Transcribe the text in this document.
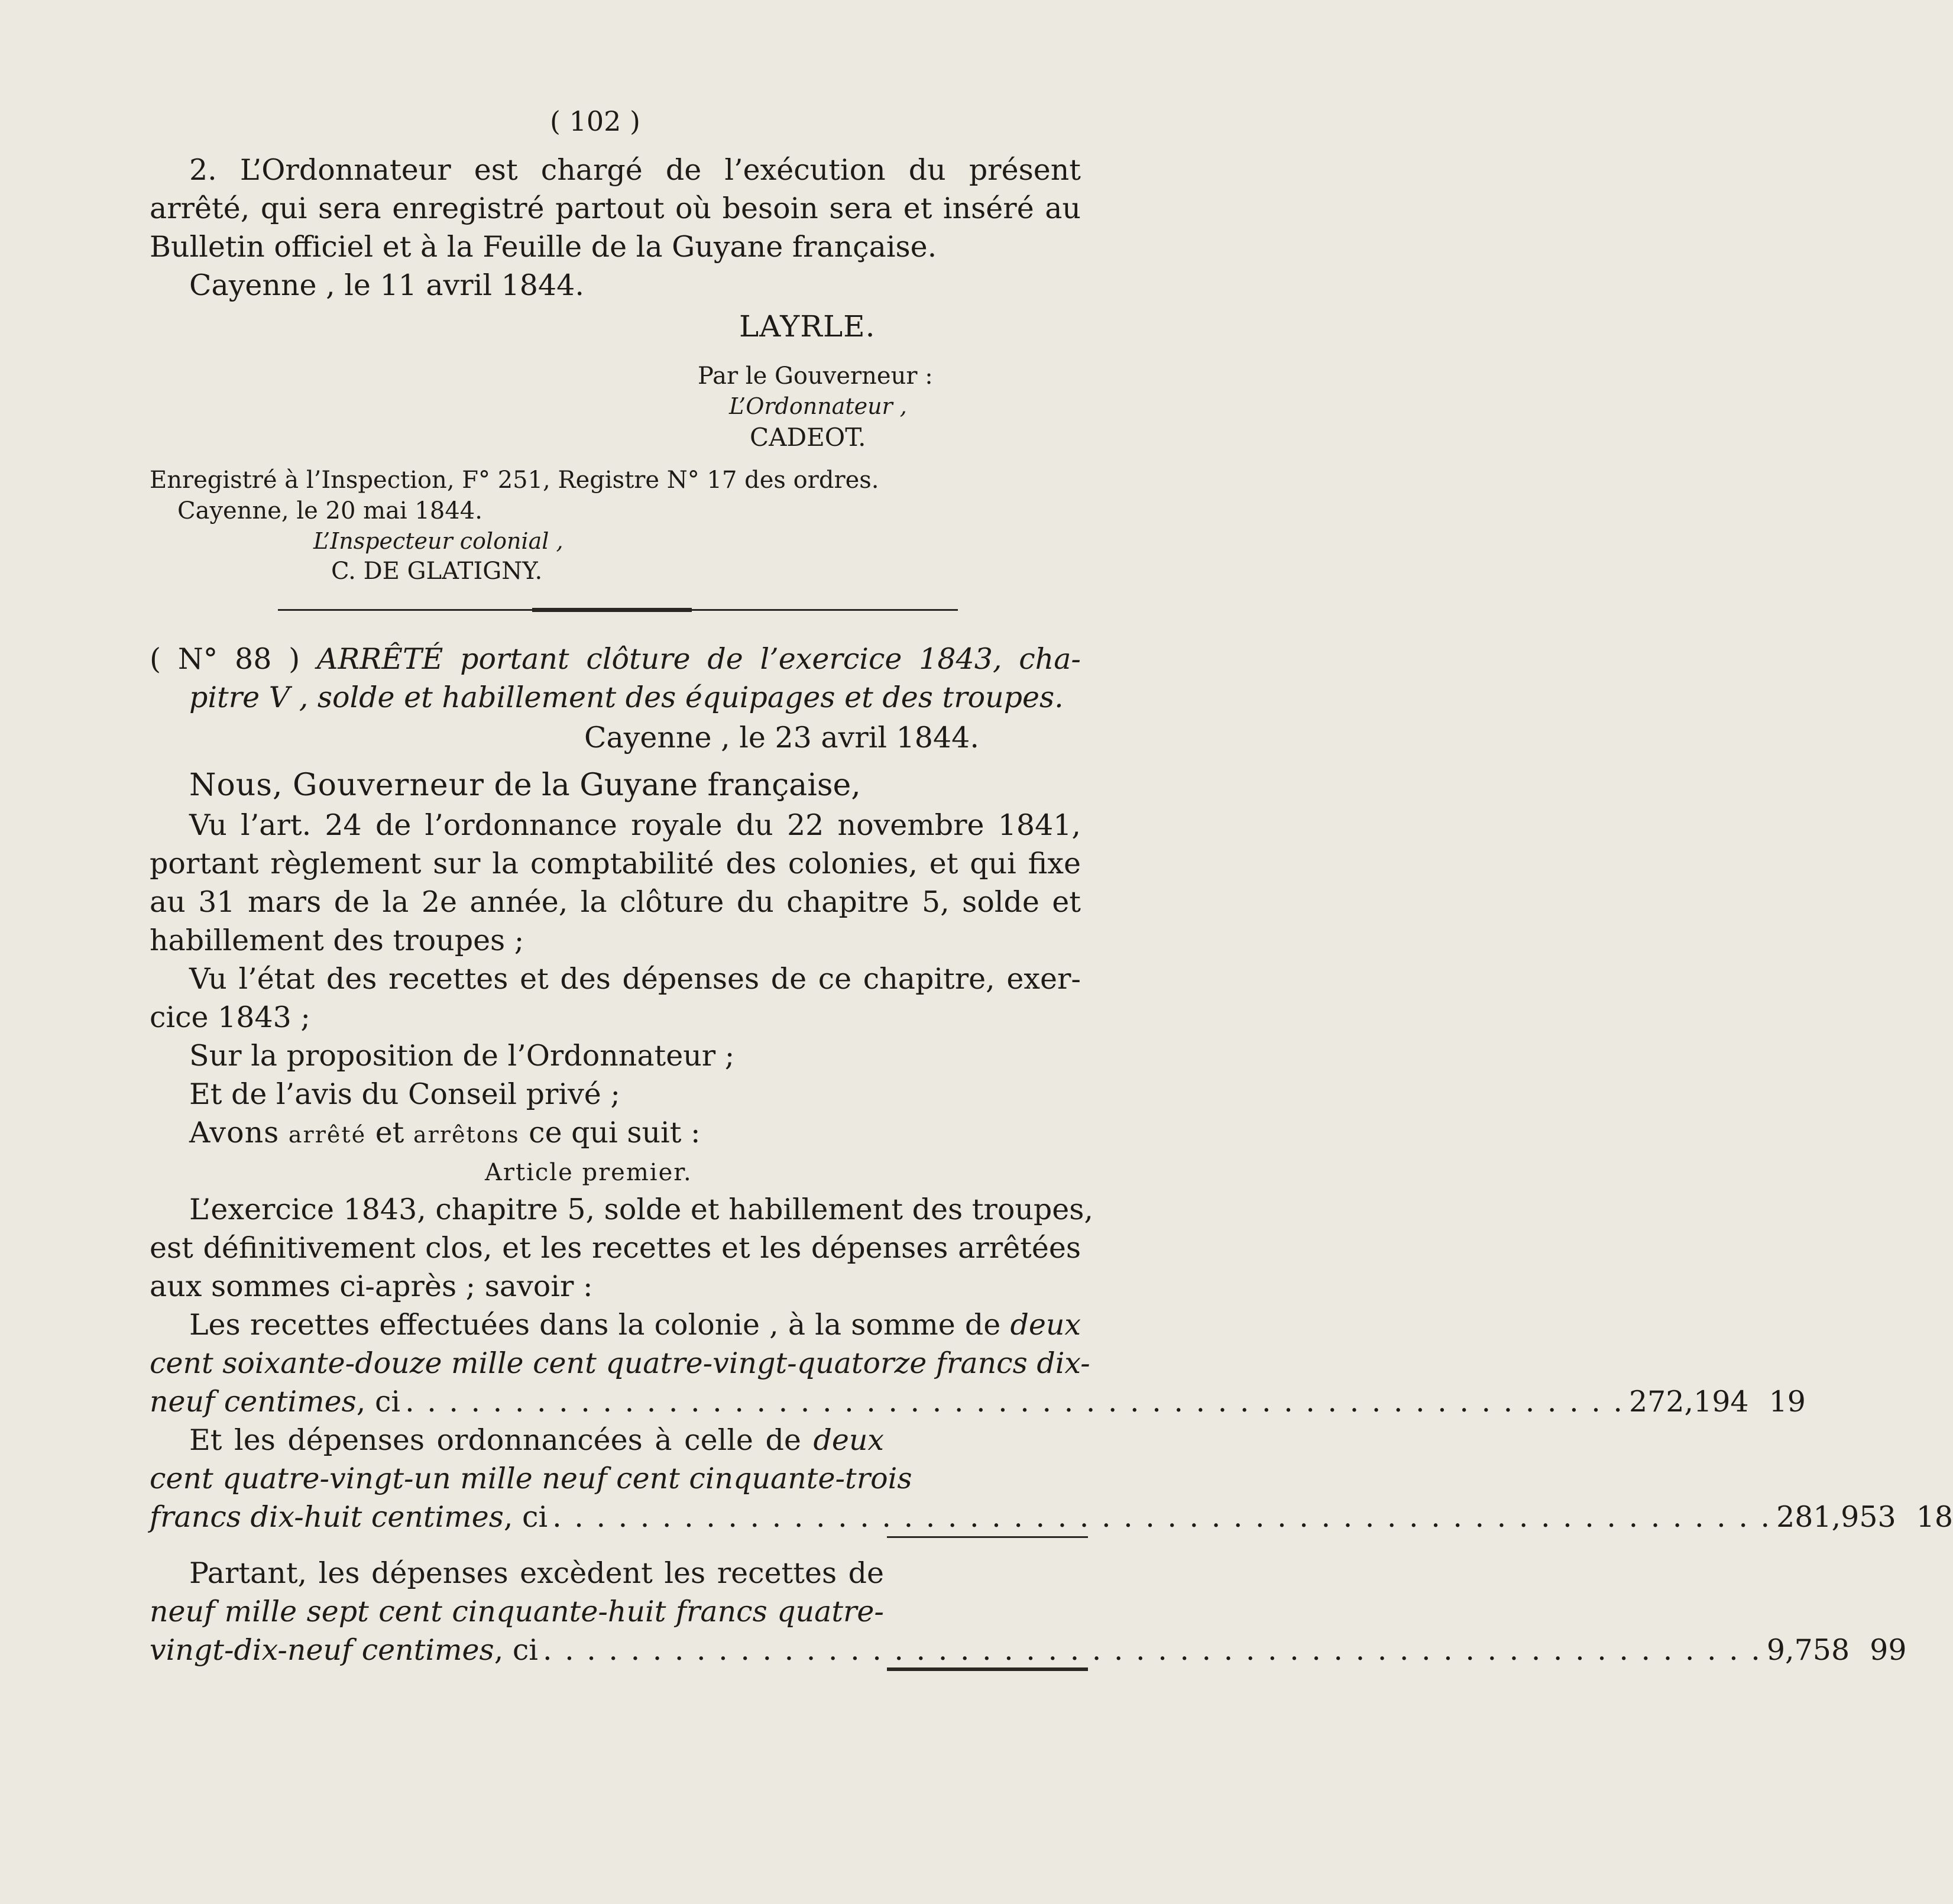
( 102 )
2. L’Ordonnateur est chargé de l’exécution du présent
arrêté, qui sera enregistré partout où besoin sera et inséré au
Bulletin officiel et à la Feuille de la Guyane française.
Cayenne , le 11 avril 1844.
LAYRLE.
Par le Gouverneur :
L’Ordonnateur ,
CADEOT.
Enregistré à l’Inspection, F° 251, Registre N° 17 des ordres.
Cayenne, le 20 mai 1844.
L’Inspecteur colonial ,
C. DE GLATIGNY.
( N° 88 ) ARRÊTÉ portant clôture de l’exercice 1843, cha-
pitre V , solde et habillement des équipages et des troupes.
Cayenne , le 23 avril 1844.
Nous, Gouverneur de la Guyane française,
Vu l’art. 24 de l’ordonnance royale du 22 novembre 1841,
portant règlement sur la comptabilité des colonies, et qui fixe
au 31 mars de la 2e année, la clôture du chapitre 5, solde et
habillement des troupes ;
Vu l’état des recettes et des dépenses de ce chapitre, exer-
cice 1843 ;
Sur la proposition de l’Ordonnateur ;
Et de l’avis du Conseil privé ;
Avons arrêté et arrêtons ce qui suit :
Article premier.
L’exercice 1843, chapitre 5, solde et habillement des troupes,
est définitivement clos, et les recettes et les dépenses arrêtées
aux sommes ci-après ; savoir :
Les recettes effectuées dans la colonie , à la somme de deux
cent soixante-douze mille cent quatre-vingt-quatorze francs dix-
neuf centimes , ci . . . . . . . . . . . . . . . . . . . . . . . . . . . . . . . . . . . . . . . . . . . . . . . . . . . . . . . . 272,194 19
Et les dépenses ordonnancées à celle de deux
cent quatre-vingt-un mille neuf cent cinquante-trois
francs dix-huit centimes , ci . . . . . . . . . . . . . . . . . . . . . . . . . . . . . . . . . . . . . . . . . . . . . . . . . . . . . . . . 281,953 18
Partant, les dépenses excèdent les recettes de
neuf mille sept cent cinquante-huit francs quatre-
vingt-dix-neuf centimes , ci . . . . . . . . . . . . . . . . . . . . . . . . . . . . . . . . . . . . . . . . . . . . . . . . . . . . . . . . 9,758 99
